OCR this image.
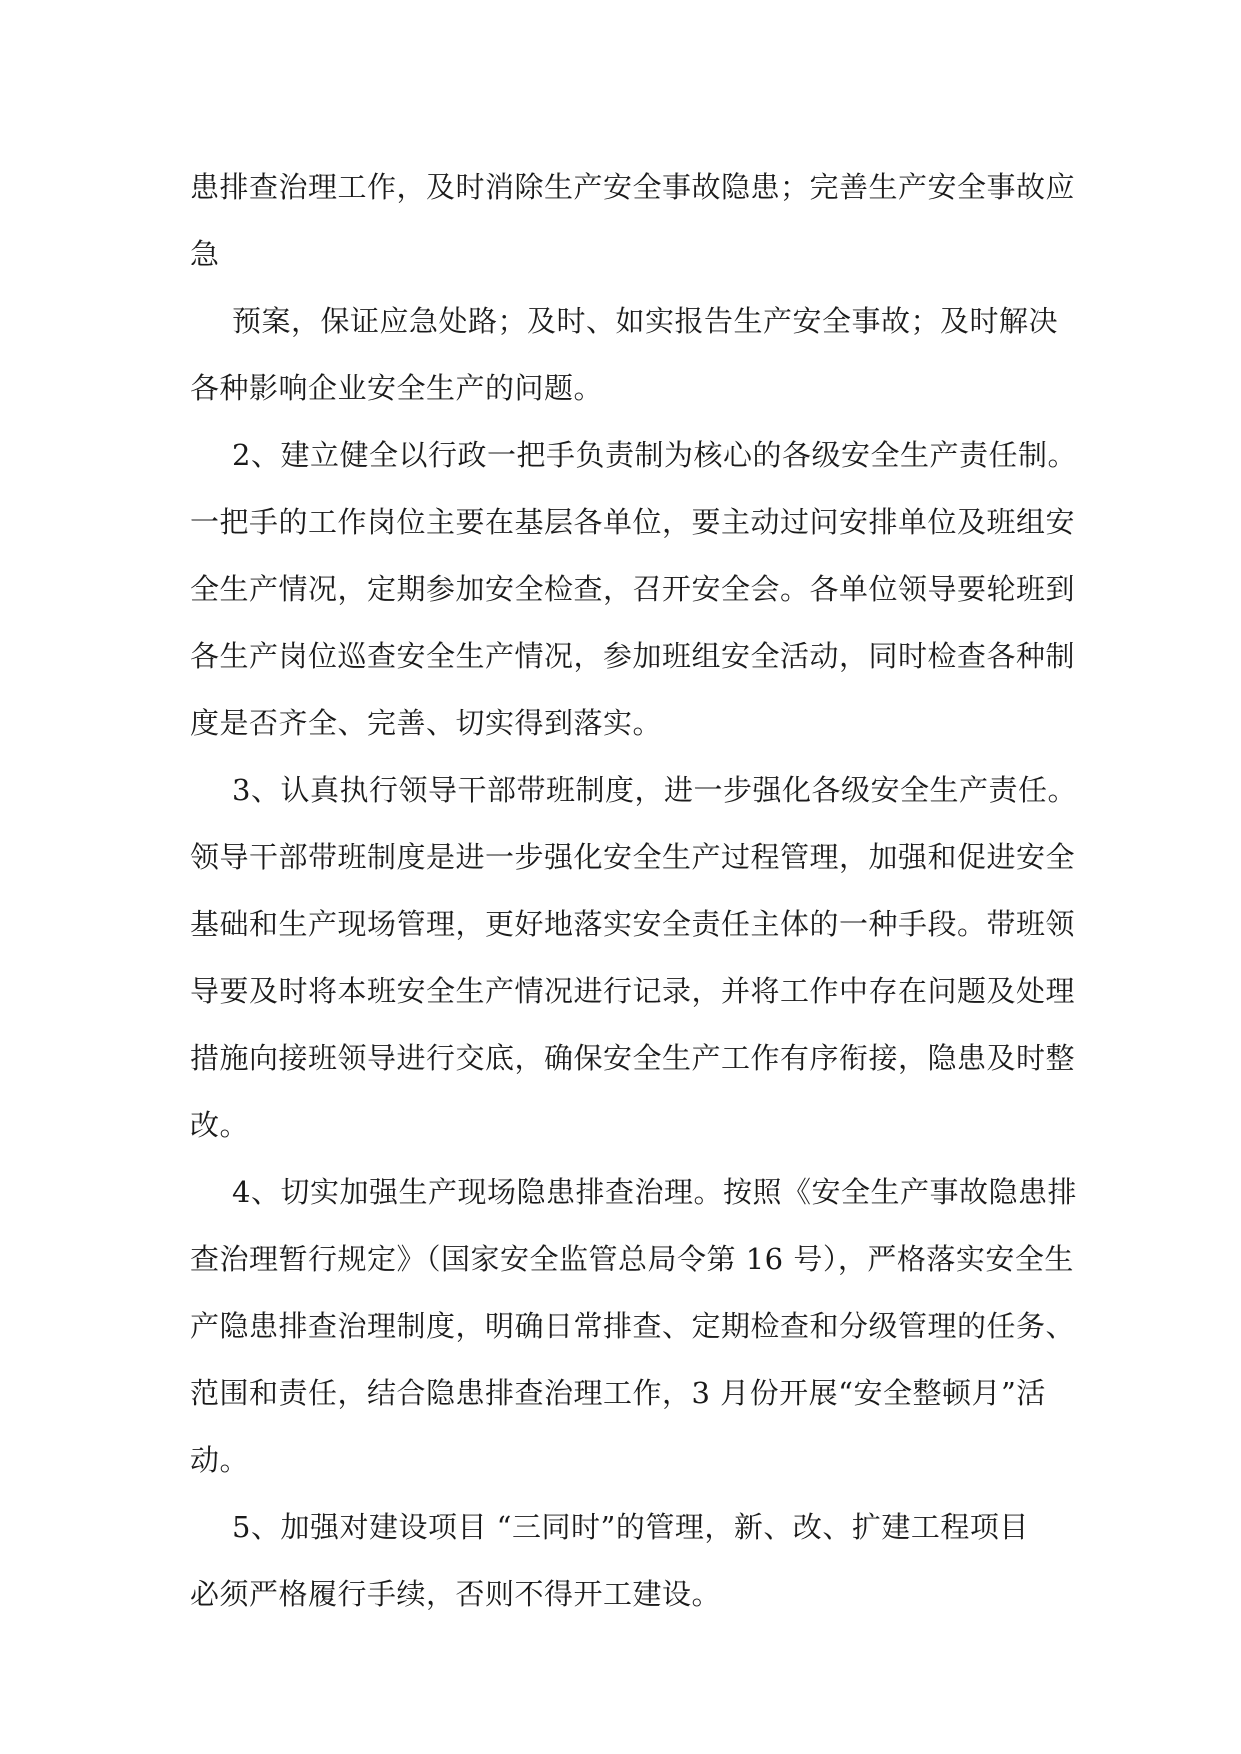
患排查治理工作，及时消除生产安全事故隐患；完善生产安全事故应
急
预案，保证应急处路；及时、如实报告生产安全事故；及时解决
各种影响企业安全生产的问题。
2、建立健全以行政一把手负责制为核心的各级安全生产责任制。
一把手的工作岗位主要在基层各单位，要主动过问安排单位及班组安
全生产情况，定期参加安全检查，召开安全会。各单位领导要轮班到
各生产岗位巡查安全生产情况，参加班组安全活动，同时检查各种制
度是否齐全、完善、切实得到落实。
3、认真执行领导干部带班制度，进一步强化各级安全生产责任。
领导干部带班制度是进一步强化安全生产过程管理，加强和促进安全
基础和生产现场管理，更好地落实安全责任主体的一种手段。带班领
导要及时将本班安全生产情况进行记录，并将工作中存在问题及处理
措施向接班领导进行交底，确保安全生产工作有序衔接，隐患及时整
改。
4、切实加强生产现场隐患排查治理。按照《安全生产事故隐患排
查治理暂行规定》（国家安全监管总局令第 16 号），严格落实安全生
产隐患排查治理制度，明确日常排查、定期检查和分级管理的任务、
范围和责任，结合隐患排查治理工作，3 月份开展“安全整顿月”活
动。
5、加强对建设项目 “三同时”的管理，新、改、扩建工程项目
必须严格履行手续，否则不得开工建设。
